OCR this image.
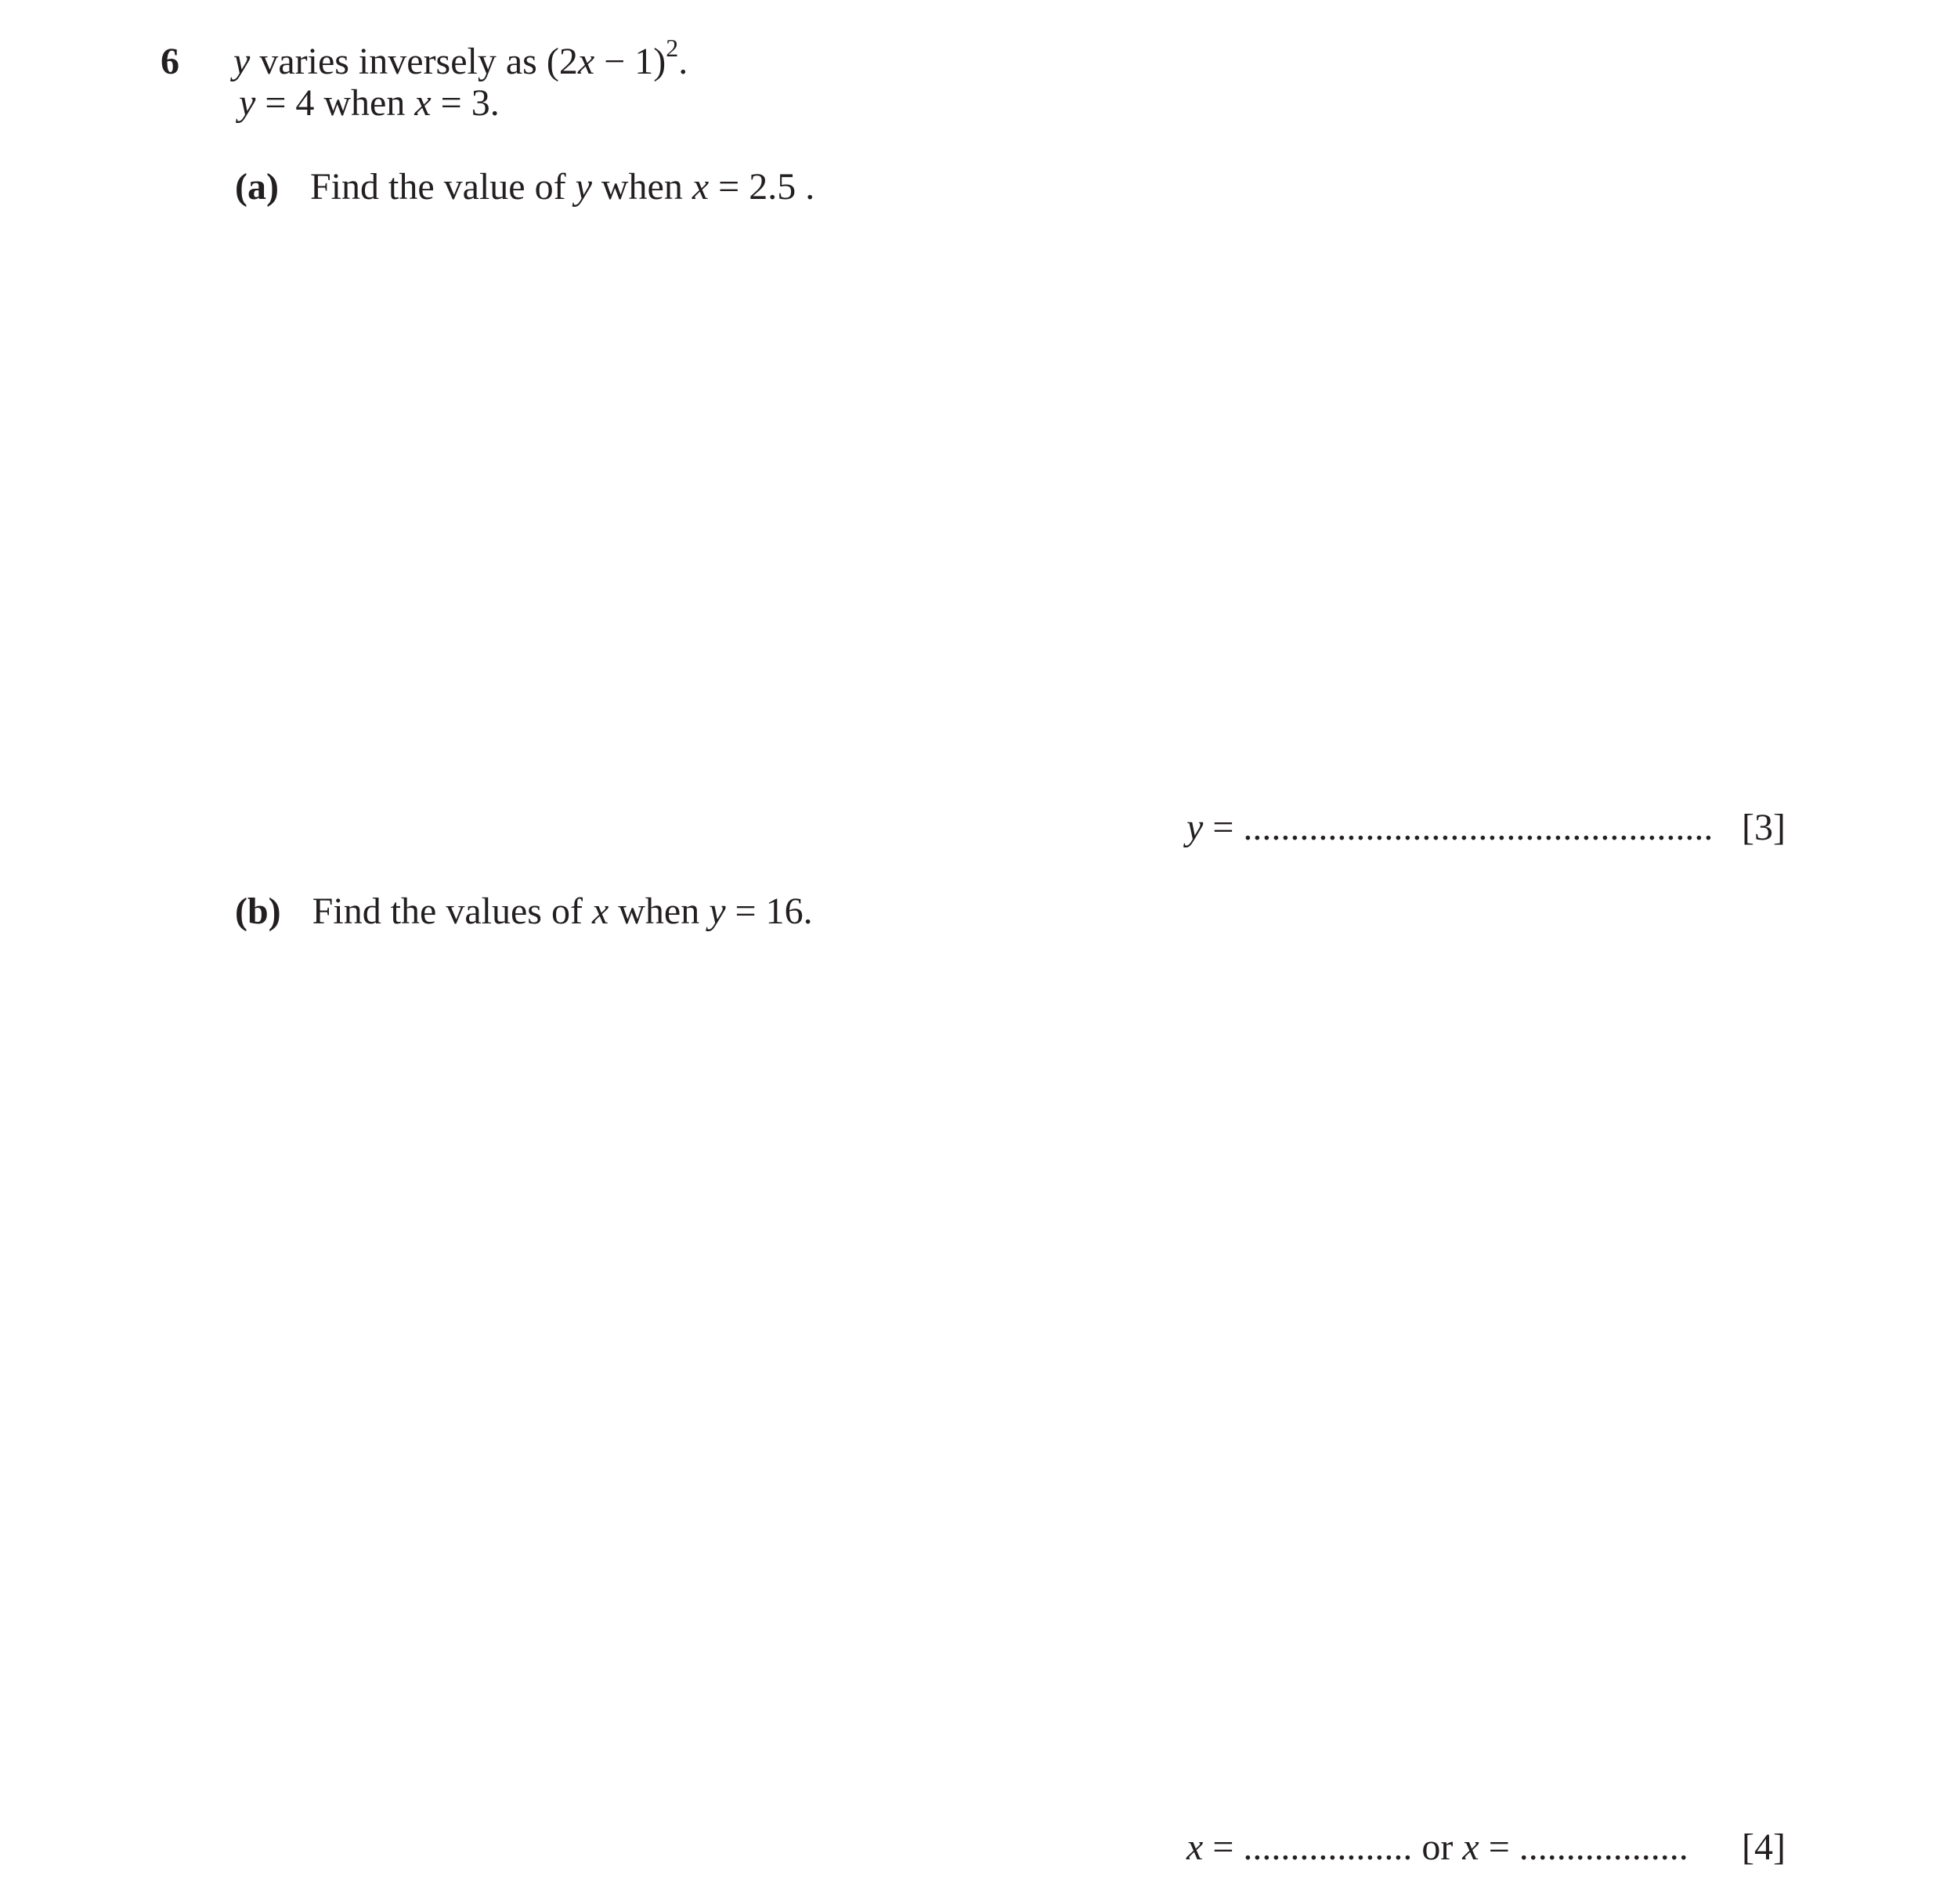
6 y varies inversely as $(2x - 1)^2$.
y = 4 when x = 3.
(a) Find the value of y when x = 2.5 .
y = .................................................. [3]
(b) Find the values of x when y = 16.
x = .................. or x = .................. [4]
